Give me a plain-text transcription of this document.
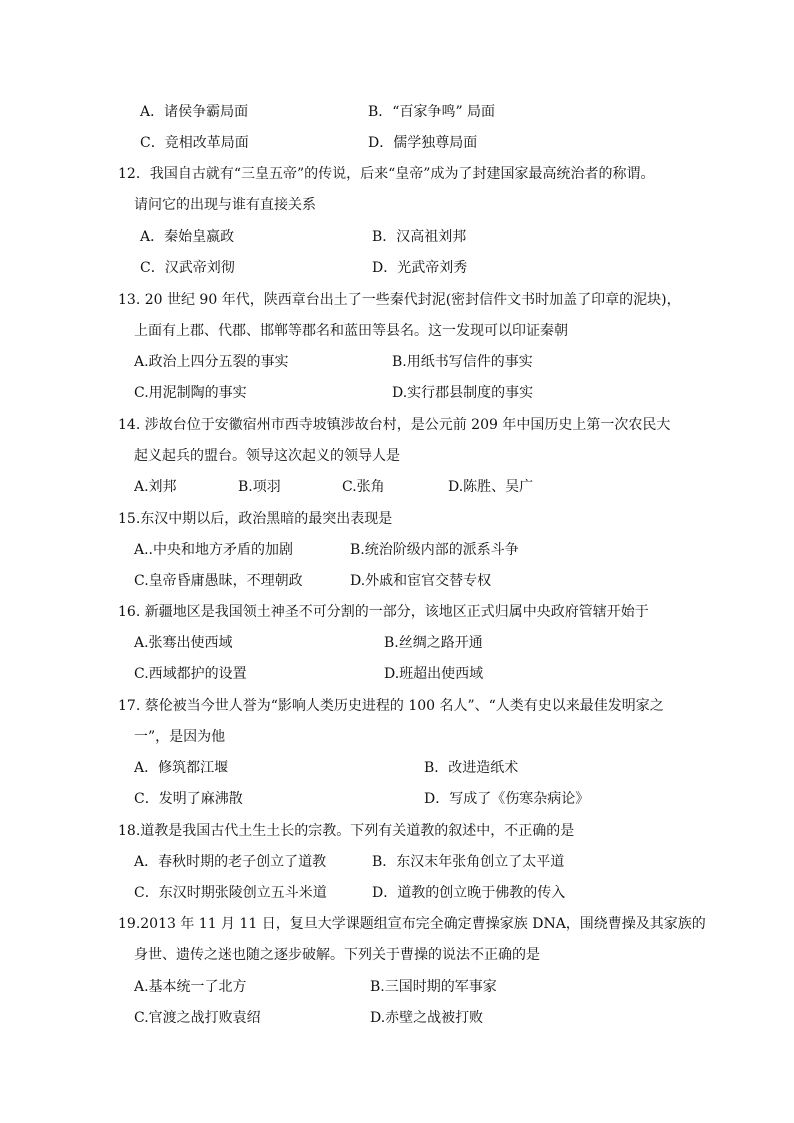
A．诸侯争霸局面	B．“百家争鸣” 局面
C．竞相改革局面	D．儒学独尊局面
12．我国自古就有“三皇五帝”的传说，后来“皇帝”成为了封建国家最高统治者的称谓。
请问它的出现与谁有直接关系
A．秦始皇嬴政	B．汉高祖刘邦
C．汉武帝刘彻	D．光武帝刘秀
13. 20 世纪 90 年代，陕西章台出土了一些秦代封泥(密封信件文书时加盖了印章的泥块)，
上面有上郡、代郡、邯郸等郡名和蓝田等县名。这一发现可以印证秦朝
A.政治上四分五裂的事实	B.用纸书写信件的事实
C.用泥制陶的事实	D.实行郡县制度的事实
14. 涉故台位于安徽宿州市西寺坡镇涉故台村，是公元前 209 年中国历史上第一次农民大
起义起兵的盟台。领导这次起义的领导人是
A.刘邦	B.项羽	C.张角	D.陈胜、吴广
15.东汉中期以后，政治黑暗的最突出表现是
A..中央和地方矛盾的加剧	B.统治阶级内部的派系斗争
C.皇帝昏庸愚昧，不理朝政	D.外戚和宦官交替专权
16. 新疆地区是我国领土神圣不可分割的一部分，该地区正式归属中央政府管辖开始于
A.张骞出使西域	B.丝绸之路开通
C.西域都护的设置	D.班超出使西域
17. 蔡伦被当今世人誉为“影响人类历史进程的 100 名人”、“人类有史以来最佳发明家之
一”，是因为他
A．修筑都江堰	B．改进造纸术
C．发明了麻沸散	D．写成了《伤寒杂病论》
18.道教是我国古代土生土长的宗教。下列有关道教的叙述中，不正确的是
A．春秋时期的老子创立了道教	B．东汉末年张角创立了太平道
C．东汉时期张陵创立五斗米道	D．道教的创立晚于佛教的传入
19.2013 年 11 月 11 日，复旦大学课题组宣布完全确定曹操家族 DNA，围绕曹操及其家族的
身世、遗传之迷也随之逐步破解。下列关于曹操的说法不正确的是
A.基本统一了北方	B.三国时期的军事家
C.官渡之战打败袁绍	D.赤壁之战被打败
